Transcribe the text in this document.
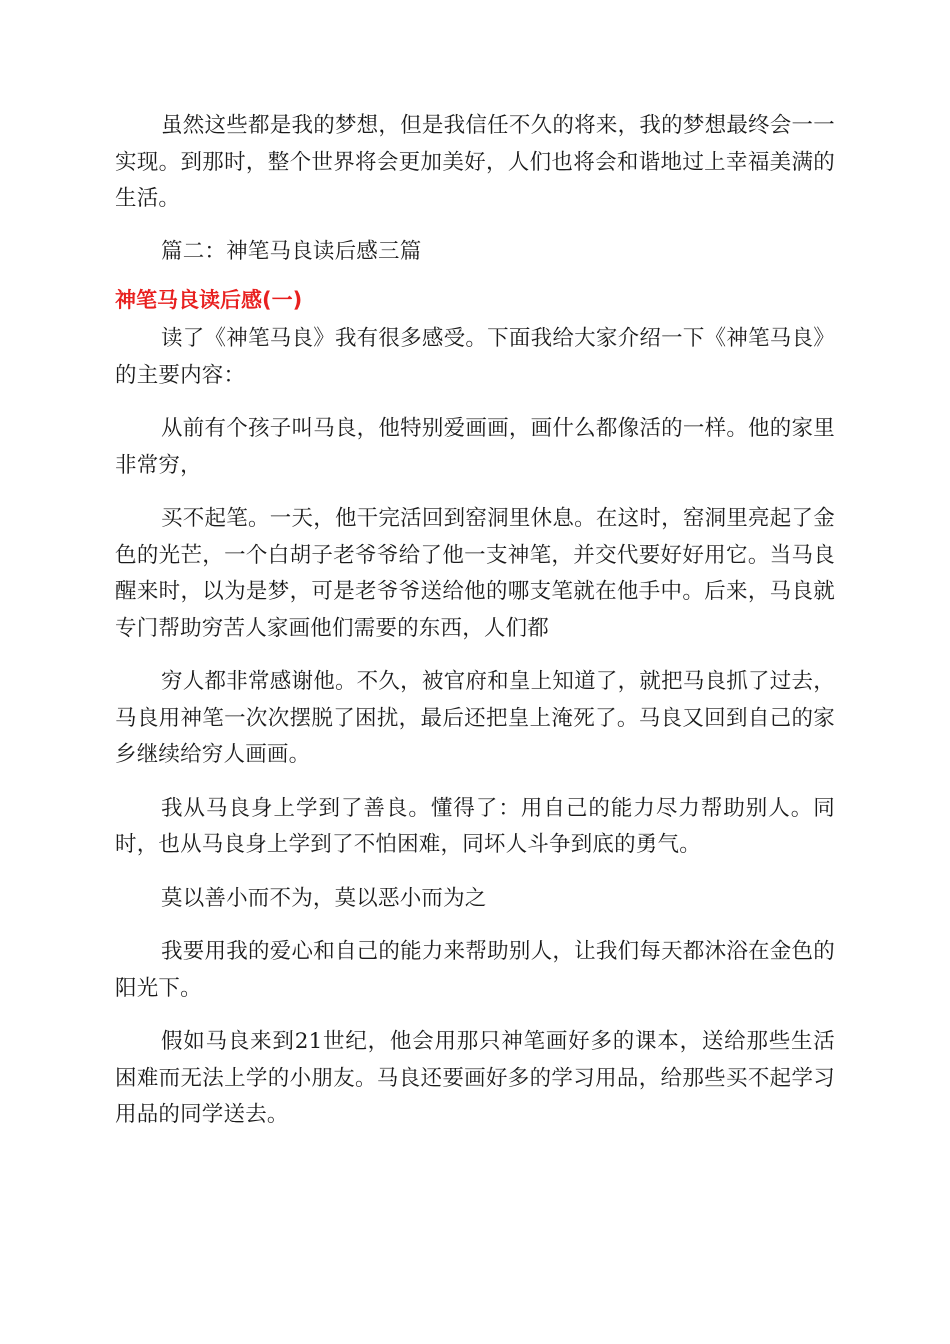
虽然这些都是我的梦想，但是我信任不久的将来，我的梦想最终会一一实现。到那时，整个世界将会更加美好，人们也将会和谐地过上幸福美满的生活。

篇二：神笔马良读后感三篇

神笔马良读后感(一)

读了《神笔马良》我有很多感受。下面我给大家介绍一下《神笔马良》的主要内容：

从前有个孩子叫马良，他特别爱画画，画什么都像活的一样。他的家里非常穷，

买不起笔。一天，他干完活回到窑洞里休息。在这时，窑洞里亮起了金色的光芒，一个白胡子老爷爷给了他一支神笔，并交代要好好用它。当马良醒来时，以为是梦，可是老爷爷送给他的哪支笔就在他手中。后来，马良就专门帮助穷苦人家画他们需要的东西，人们都

穷人都非常感谢他。不久，被官府和皇上知道了，就把马良抓了过去，马良用神笔一次次摆脱了困扰，最后还把皇上淹死了。马良又回到自己的家乡继续给穷人画画。

我从马良身上学到了善良。懂得了：用自己的能力尽力帮助别人。同时，也从马良身上学到了不怕困难，同坏人斗争到底的勇气。

莫以善小而不为，莫以恶小而为之

我要用我的爱心和自己的能力来帮助别人，让我们每天都沐浴在金色的阳光下。

假如马良来到21世纪，他会用那只神笔画好多的课本，送给那些生活困难而无法上学的小朋友。马良还要画好多的学习用品，给那些买不起学习用品的同学送去。
